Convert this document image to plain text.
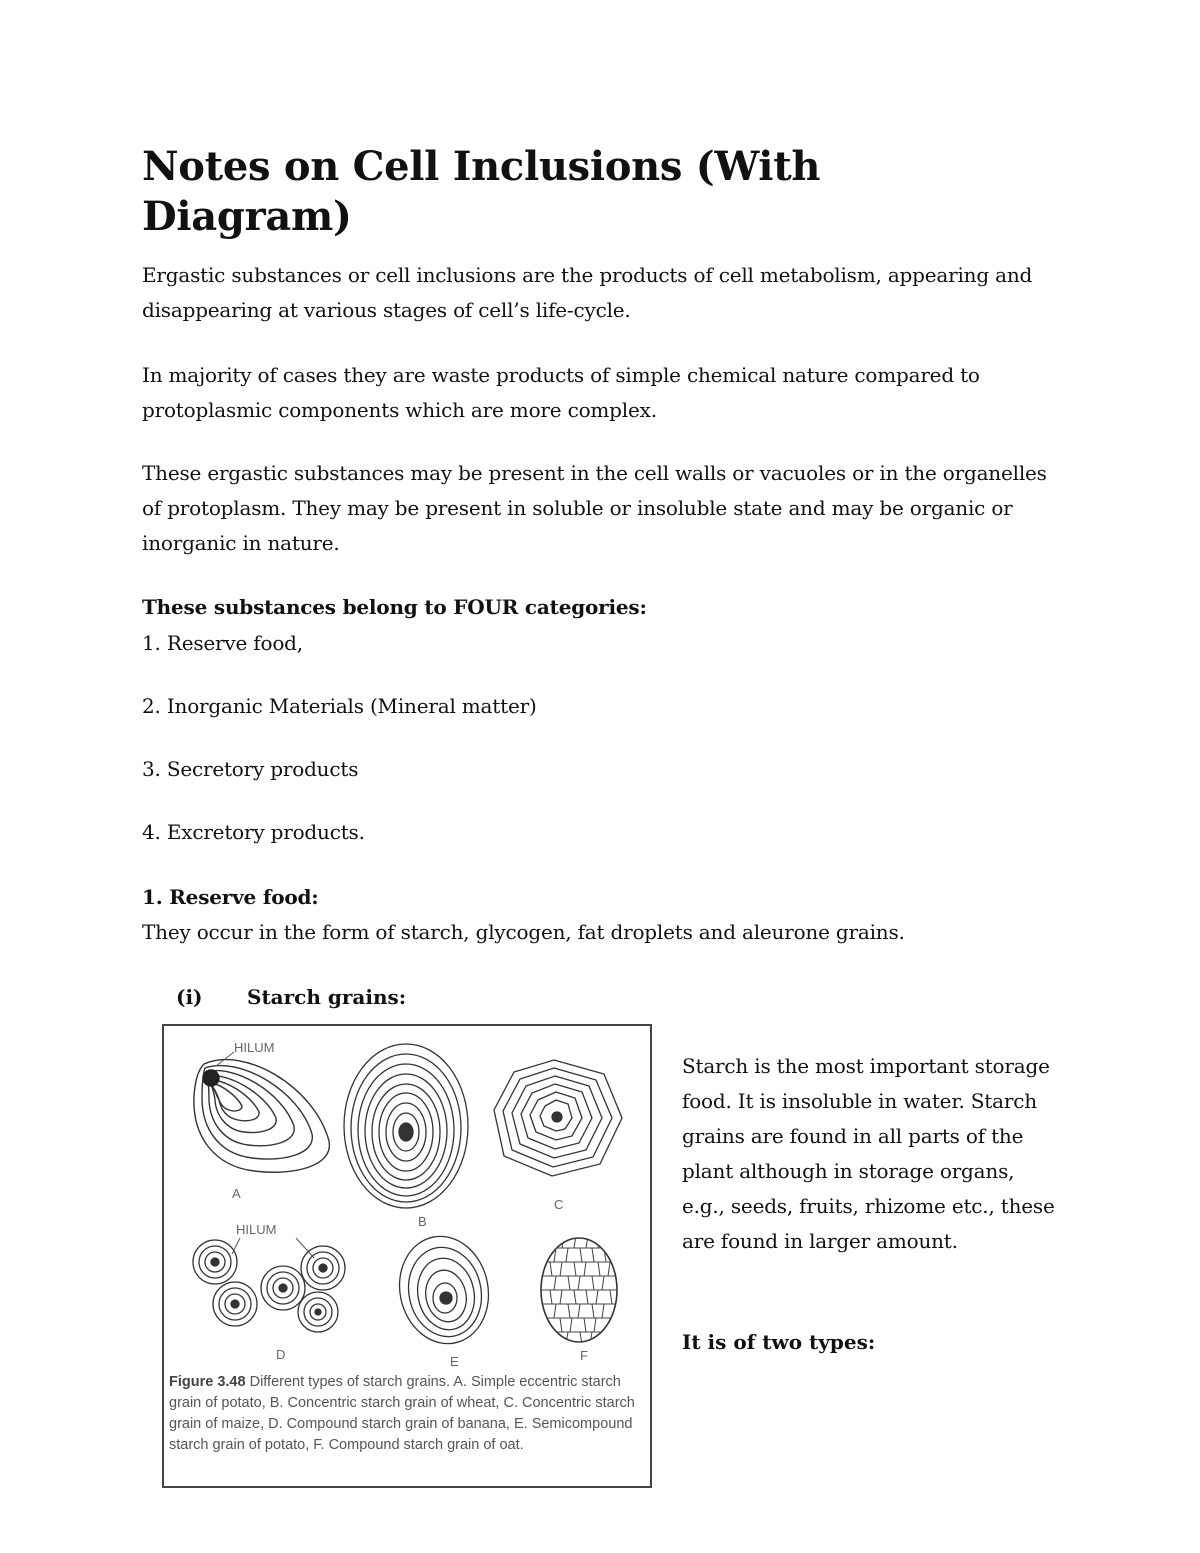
Notes on Cell Inclusions (With Diagram)

Ergastic substances or cell inclusions are the products of cell metabolism, appearing and disappearing at various stages of cell’s life-cycle.

In majority of cases they are waste products of simple chemical nature compared to protoplasmic components which are more complex.

These ergastic substances may be present in the cell walls or vacuoles or in the organelles of protoplasm. They may be present in soluble or insoluble state and may be organic or inorganic in nature.

These substances belong to FOUR categories:

1. Reserve food,

2. Inorganic Materials (Mineral matter)

3. Secretory products

4. Excretory products.

1. Reserve food:

They occur in the form of starch, glycogen, fat droplets and aleurone grains.

(i) Starch grains:
HILUM
A
B
C
HILUM
D	E	F

Figure 3.48 Different types of starch grains. A. Simple eccentric starch grain of potato, B. Concentric starch grain of wheat, C. Concentric starch grain of maize, D. Compound starch grain of banana, E. Semicompound starch grain of potato, F. Compound starch grain of oat.

Starch is the most important storage food. It is insoluble in water. Starch grains are found in all parts of the plant although in storage organs, e.g., seeds, fruits, rhizome etc., these are found in larger amount.

It is of two types:
